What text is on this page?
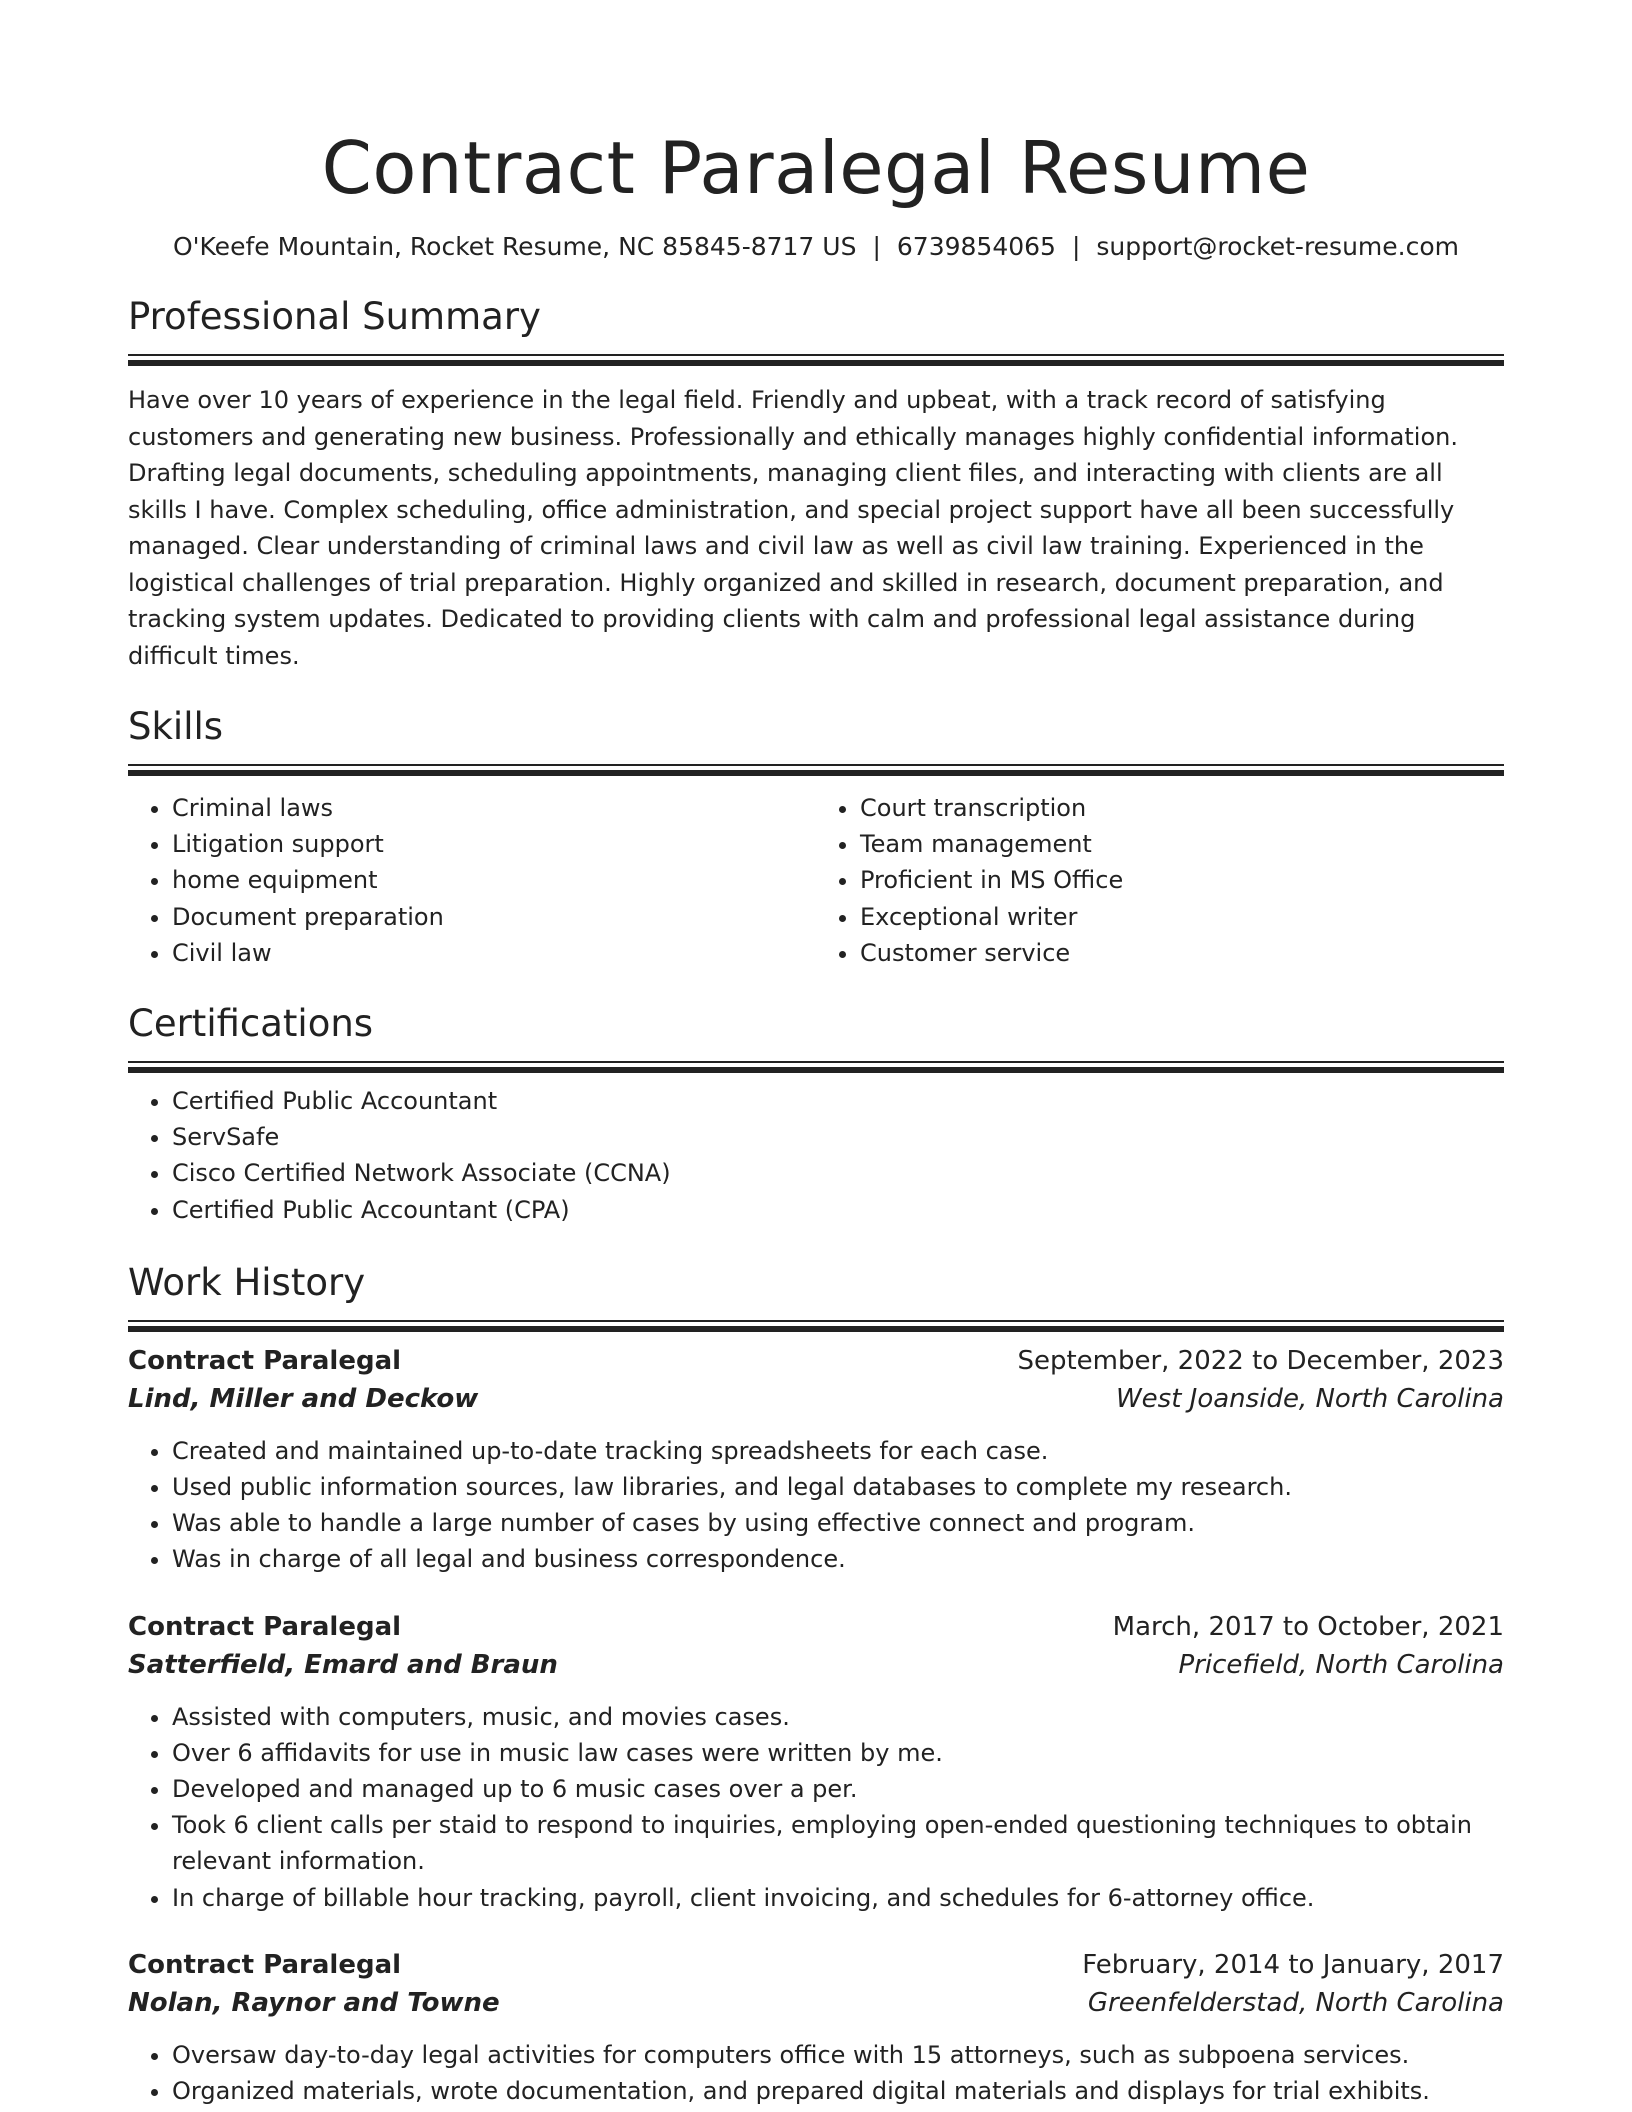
Contract Paralegal Resume
O'Keefe Mountain, Rocket Resume, NC 85845-8717 US | 6739854065 | support@rocket-resume.com
Professional Summary
Have over 10 years of experience in the legal field. Friendly and upbeat, with a track record of satisfying customers and generating new business. Professionally and ethically manages highly confidential information. Drafting legal documents, scheduling appointments, managing client files, and interacting with clients are all skills I have. Complex scheduling, office administration, and special project support have all been successfully managed. Clear understanding of criminal laws and civil law as well as civil law training. Experienced in the logistical challenges of trial preparation. Highly organized and skilled in research, document preparation, and tracking system updates. Dedicated to providing clients with calm and professional legal assistance during difficult times.
Skills
• Criminal laws
• Litigation support
• home equipment
• Document preparation
• Civil law
• Court transcription
• Team management
• Proficient in MS Office
• Exceptional writer
• Customer service
Certifications
• Certified Public Accountant
• ServSafe
• Cisco Certified Network Associate (CCNA)
• Certified Public Accountant (CPA)
Work History
Contract Paralegal	September, 2022 to December, 2023
Lind, Miller and Deckow	West Joanside, North Carolina
• Created and maintained up-to-date tracking spreadsheets for each case.
• Used public information sources, law libraries, and legal databases to complete my research.
• Was able to handle a large number of cases by using effective connect and program.
• Was in charge of all legal and business correspondence.
Contract Paralegal	March, 2017 to October, 2021
Satterfield, Emard and Braun	Pricefield, North Carolina
• Assisted with computers, music, and movies cases.
• Over 6 affidavits for use in music law cases were written by me.
• Developed and managed up to 6 music cases over a per.
• Took 6 client calls per staid to respond to inquiries, employing open-ended questioning techniques to obtain relevant information.
• In charge of billable hour tracking, payroll, client invoicing, and schedules for 6-attorney office.
Contract Paralegal	February, 2014 to January, 2017
Nolan, Raynor and Towne	Greenfelderstad, North Carolina
• Oversaw day-to-day legal activities for computers office with 15 attorneys, such as subpoena services.
• Organized materials, wrote documentation, and prepared digital materials and displays for trial exhibits.
